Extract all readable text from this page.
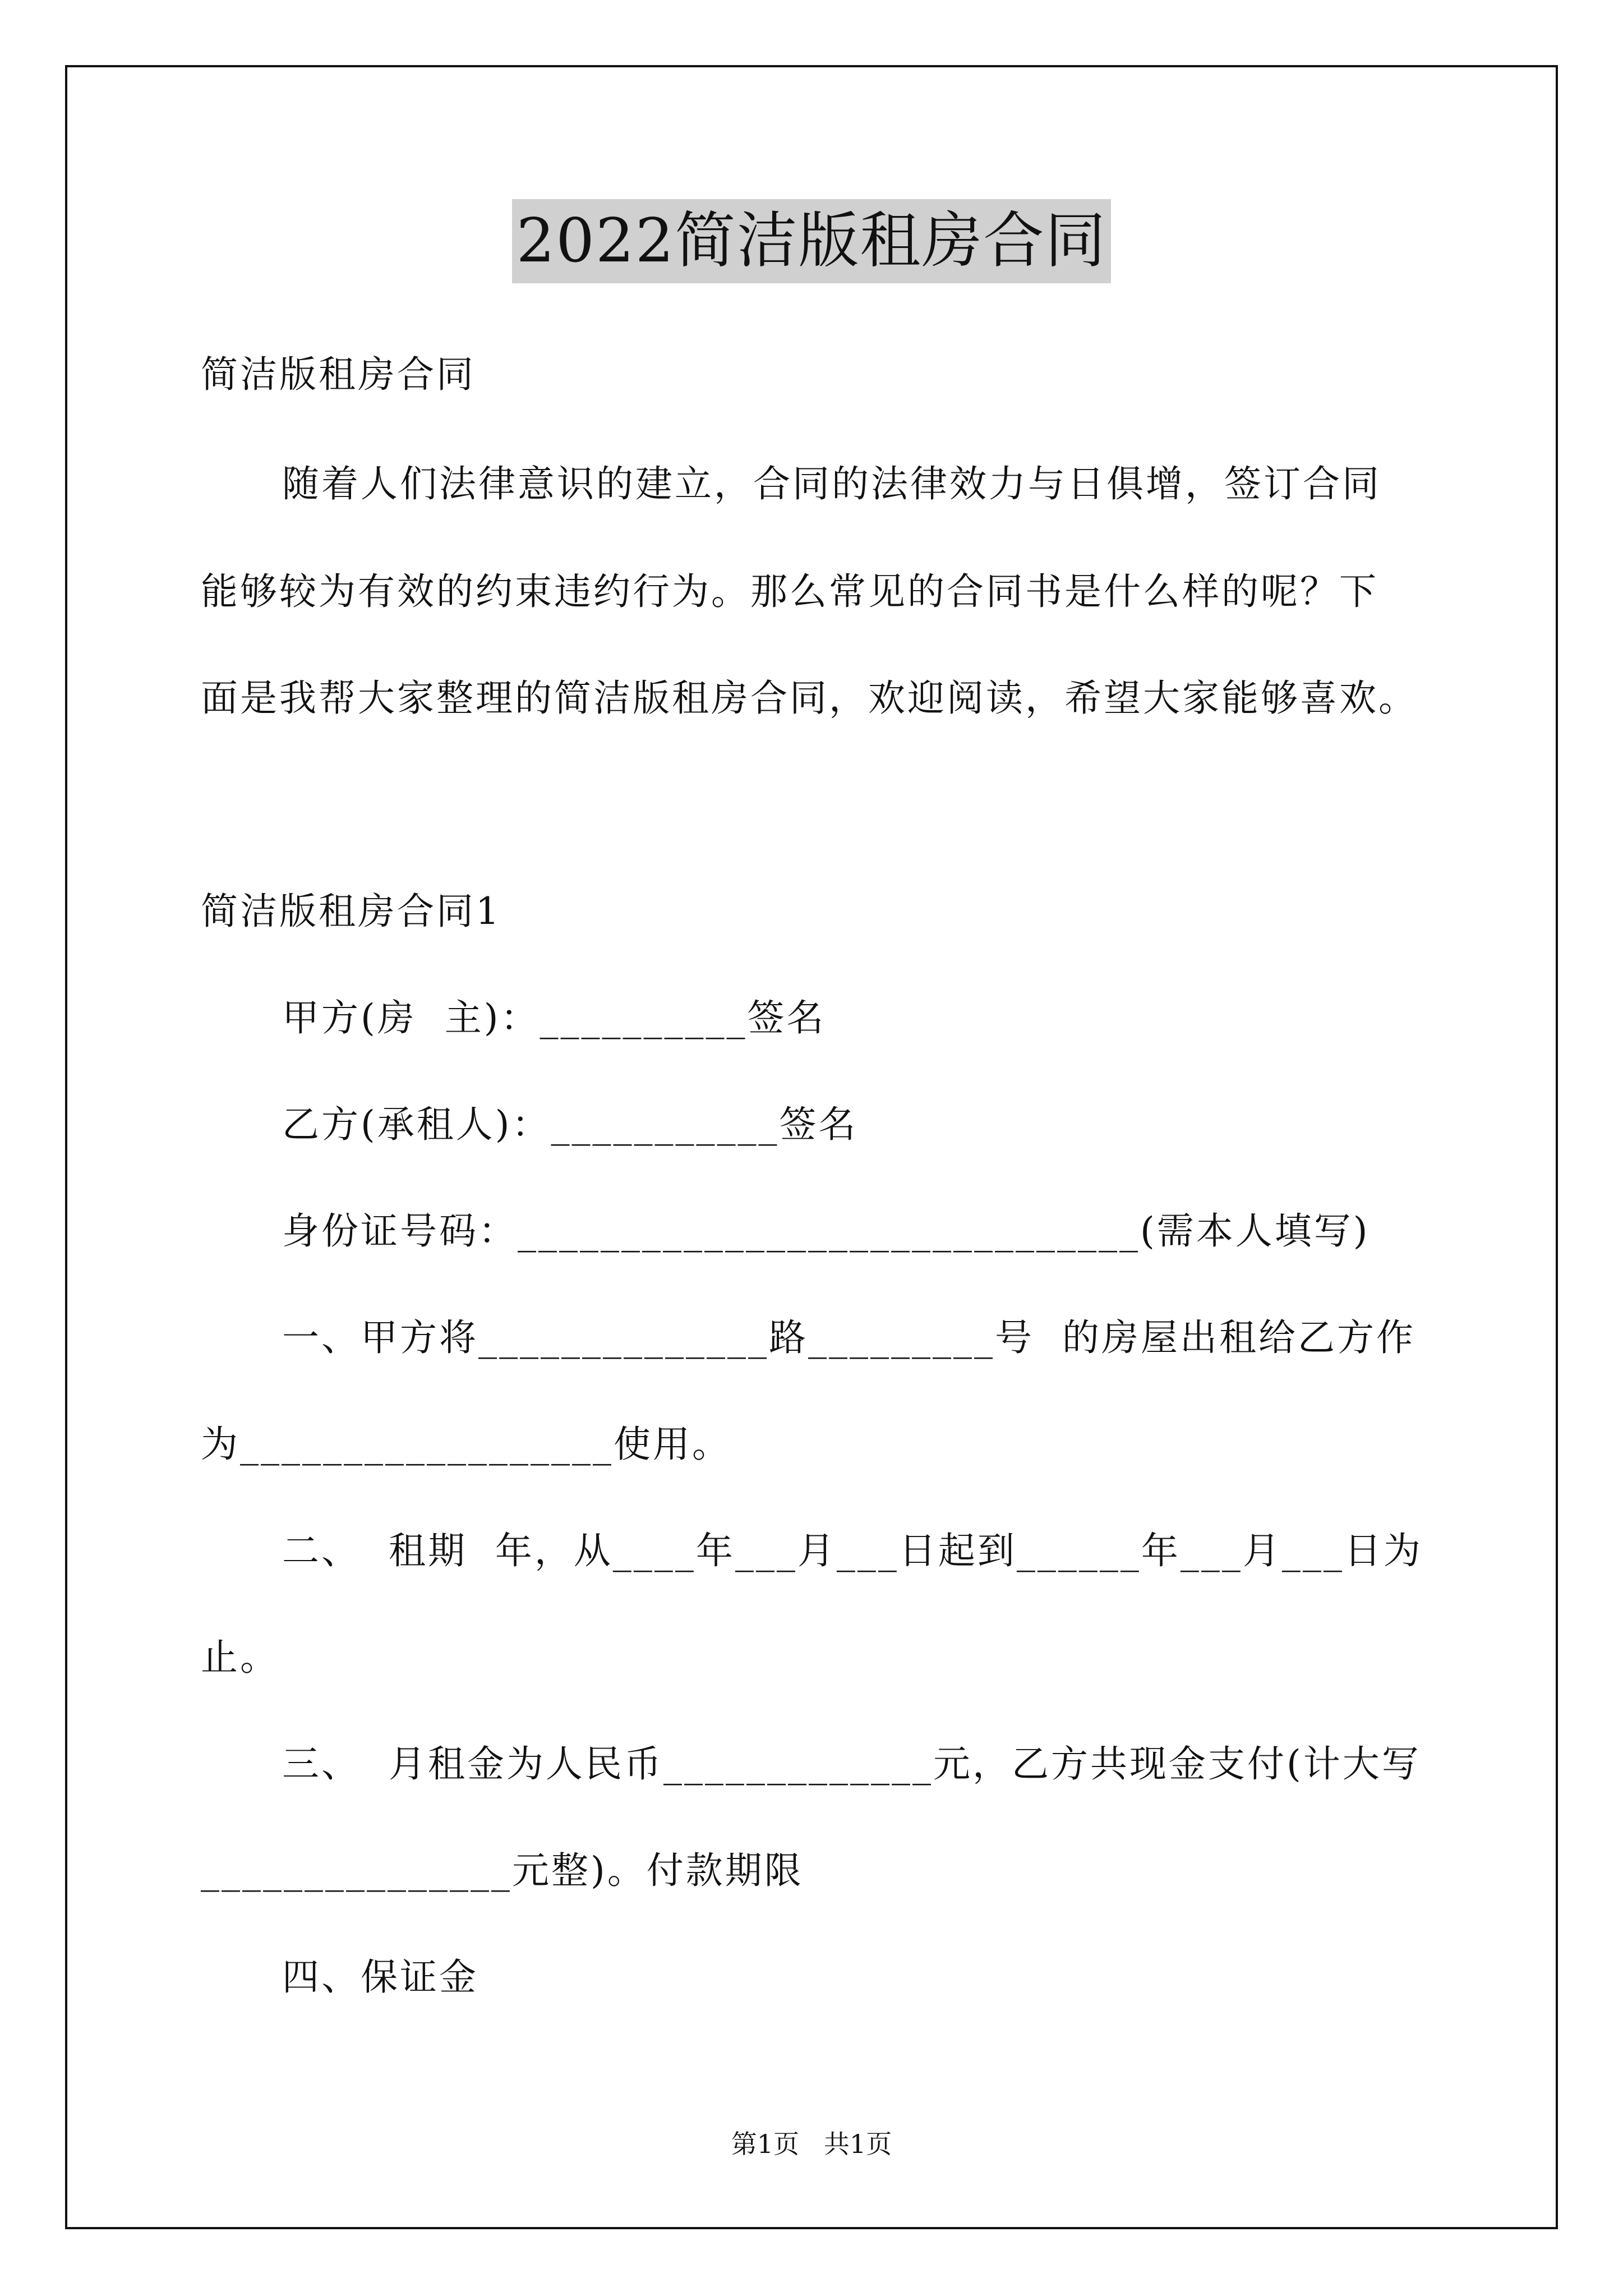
2022简洁版租房合同
简洁版租房合同
随着人们法律意识的建立，合同的法律效力与日俱增，签订合同
能够较为有效的约束违约行为。那么常见的合同书是什么样的呢？下
面是我帮大家整理的简洁版租房合同，欢迎阅读，希望大家能够喜欢。
简洁版租房合同1
甲方(房  主)：__________签名
乙方(承租人)：___________签名
身份证号码：______________________________(需本人填写)
一、甲方将______________路_________号  的房屋出租给乙方作
为__________________使用。
二、  租期  年，从____年___月___日起到______年___月___日为
止。
三、  月租金为人民币_____________元，乙方共现金支付(计大写
_______________元整)。付款期限
四、保证金
第1页   共1页
